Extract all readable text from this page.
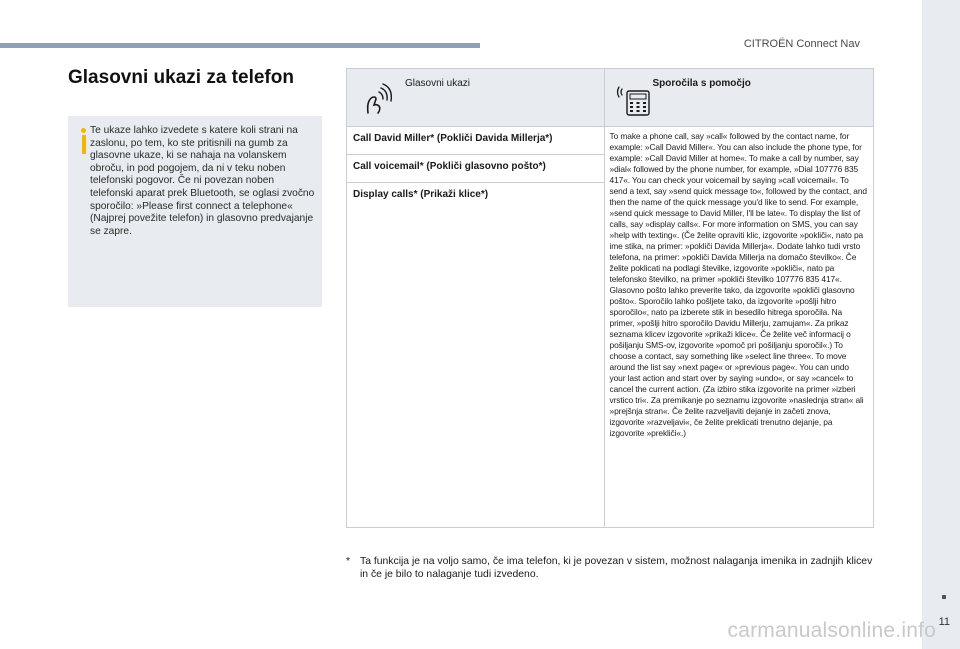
CITROËN Connect Nav
11
Glasovni ukazi za telefon

Te ukaze lahko izvedete s katere koli strani na zaslonu, po tem, ko ste pritisnili na gumb za glasovne ukaze, ki se nahaja na volanskem obroču, in pod pogojem, da ni v teku noben telefonski pogovor. Če ni povezan noben telefonski aparat prek Bluetooth, se oglasi zvočno sporočilo: »Please first connect a telephone« (Najprej povežite telefon) in glasovno predvajanje se zapre.

Glasovni ukazi	Sporočila s pomočjo

Call David Miller* (Pokliči Davida Millerja*)	To make a phone call, say »call« followed by the contact name, for example: »Call David Miller«. You can also include the phone type, for example: »Call David Miller at home«. To make a call by number, say »dial« followed by the phone number, for example, »Dial 107776 835 417«. You can check your voicemail by saying »call voicemail«. To send a text, say »send quick message to«, followed by the contact, and then the name of the quick message you'd like to send. For example, »send quick message to David Miller, I'll be late«. To display the list of calls, say »display calls«. For more information on SMS, you can say »help with texting«. (Če želite opraviti klic, izgovorite »pokliči«, nato pa ime stika, na primer: »pokliči Davida Millerja«. Dodate lahko tudi vrsto telefona, na primer: »pokliči Davida Millerja na domačo številko«. Če želite poklicati na podlagi številke, izgovorite »pokliči«, nato pa telefonsko številko, na primer »pokliči številko 107776 835 417«. Glasovno pošto lahko preverite tako, da izgovorite »pokliči glasovno pošto«. Sporočilo lahko pošljete tako, da izgovorite »pošlji hitro sporočilo«, nato pa izberete stik in besedilo hitrega sporočila. Na primer, »pošlji hitro sporočilo Davidu Millerju, zamujam«. Za prikaz seznama klicev izgovorite »prikaži klice«. Če želite več informacij o pošiljanju SMS-ov, izgovorite »pomoč pri pošiljanju sporočil«.) To choose a contact, say something like »select line three«. To move around the list say »next page« or »previous page«. You can undo your last action and start over by saying »undo«, or say »cancel« to cancel the current action. (Za izbiro stika izgovorite na primer »izberi vrstico tri«. Za premikanje po seznamu izgovorite »naslednja stran« ali »prejšnja stran«. Če želite razveljaviti dejanje in začeti znova, izgovorite »razveljavi«, če želite preklicati trenutno dejanje, pa izgovorite »prekliči«.)
Call voicemail* (Pokliči glasovno pošto*)	
Display calls* (Prikaži klice*)	
* Ta funkcija je na voljo samo, če ima telefon, ki je povezan v sistem, možnost nalaganja imenika in zadnjih klicev in če je bilo to nalaganje tudi izvedeno.
carmanualsonline.info
